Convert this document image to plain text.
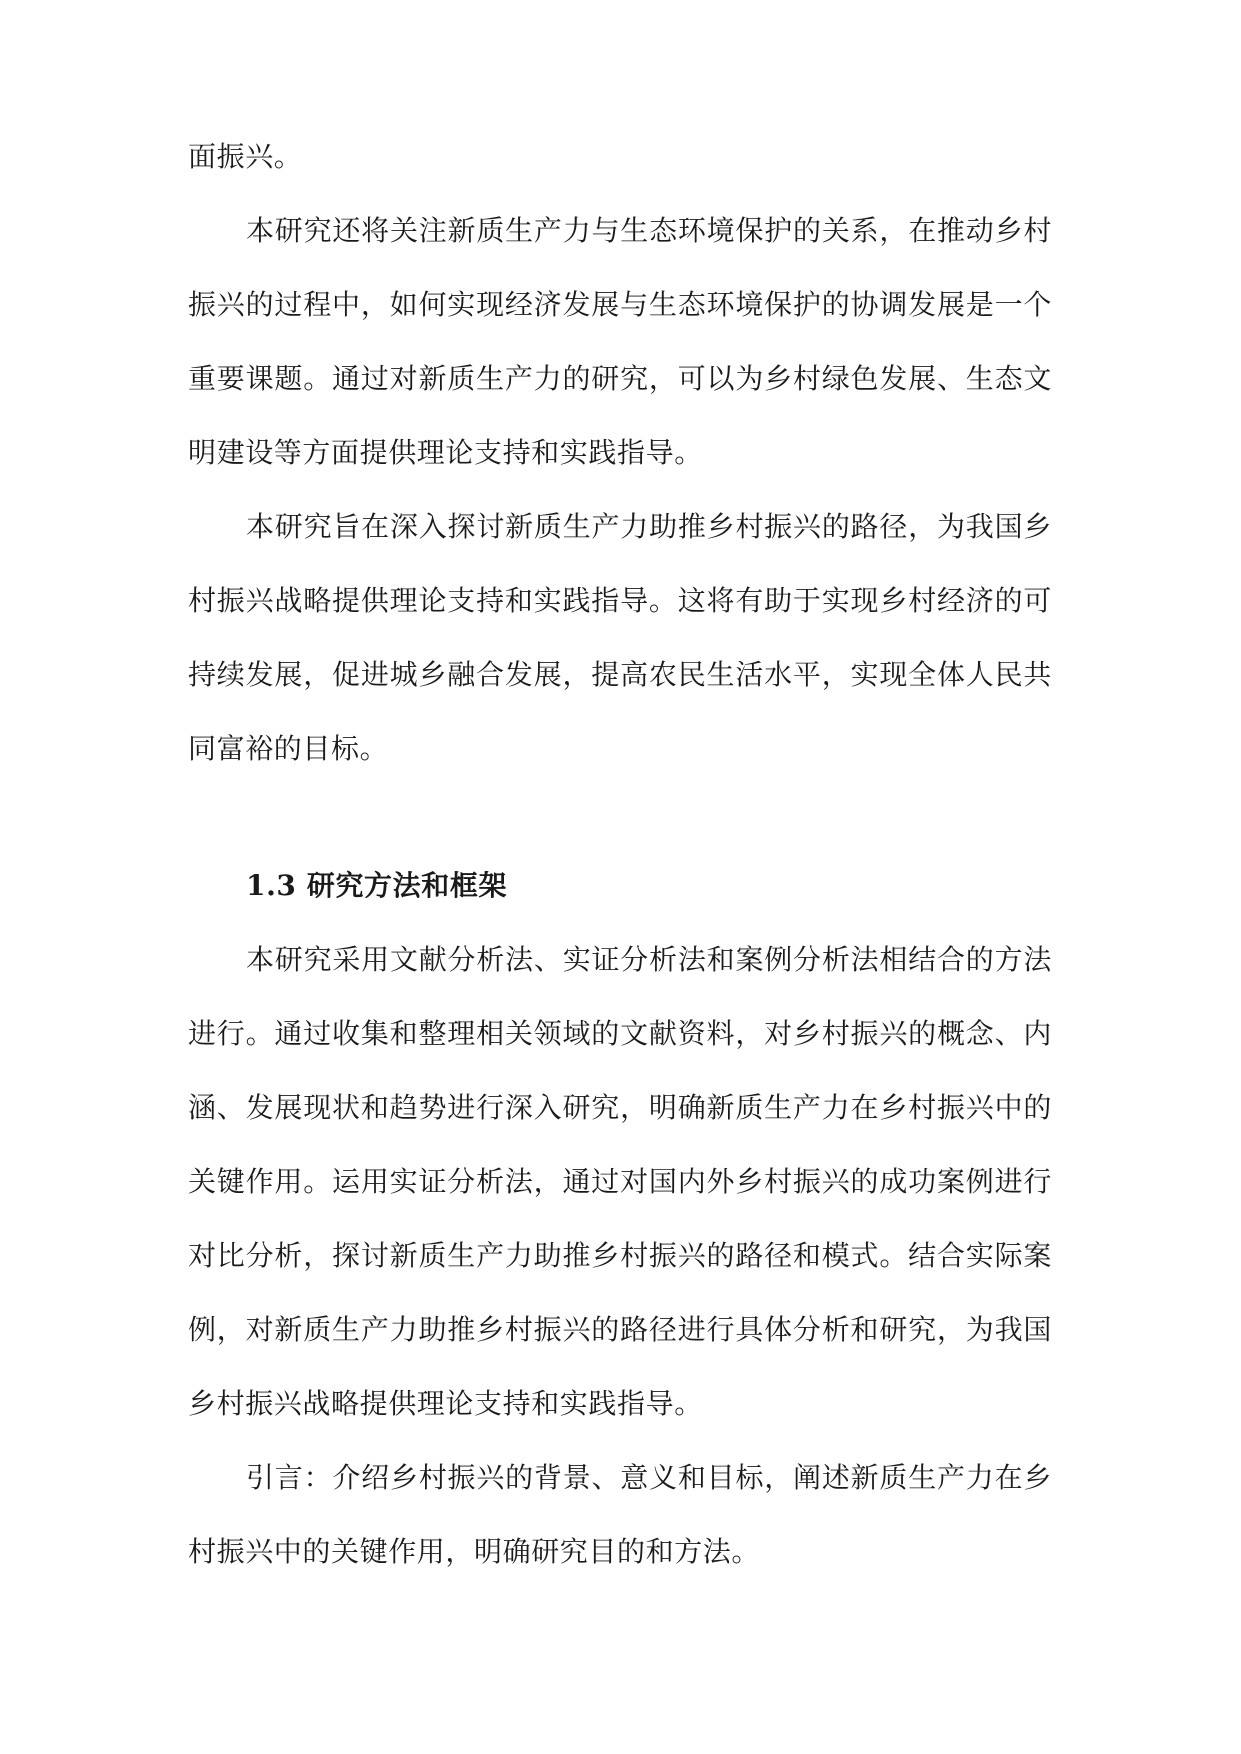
面振兴。

本研究还将关注新质生产力与生态环境保护的关系，在推动乡村振兴的过程中，如何实现经济发展与生态环境保护的协调发展是一个重要课题。通过对新质生产力的研究，可以为乡村绿色发展、生态文明建设等方面提供理论支持和实践指导。

本研究旨在深入探讨新质生产力助推乡村振兴的路径，为我国乡村振兴战略提供理论支持和实践指导。这将有助于实现乡村经济的可持续发展，促进城乡融合发展，提高农民生活水平，实现全体人民共同富裕的目标。

1.3 研究方法和框架

本研究采用文献分析法、实证分析法和案例分析法相结合的方法进行。通过收集和整理相关领域的文献资料，对乡村振兴的概念、内涵、发展现状和趋势进行深入研究，明确新质生产力在乡村振兴中的关键作用。运用实证分析法，通过对国内外乡村振兴的成功案例进行对比分析，探讨新质生产力助推乡村振兴的路径和模式。结合实际案例，对新质生产力助推乡村振兴的路径进行具体分析和研究，为我国乡村振兴战略提供理论支持和实践指导。

引言：介绍乡村振兴的背景、意义和目标，阐述新质生产力在乡村振兴中的关键作用，明确研究目的和方法。
